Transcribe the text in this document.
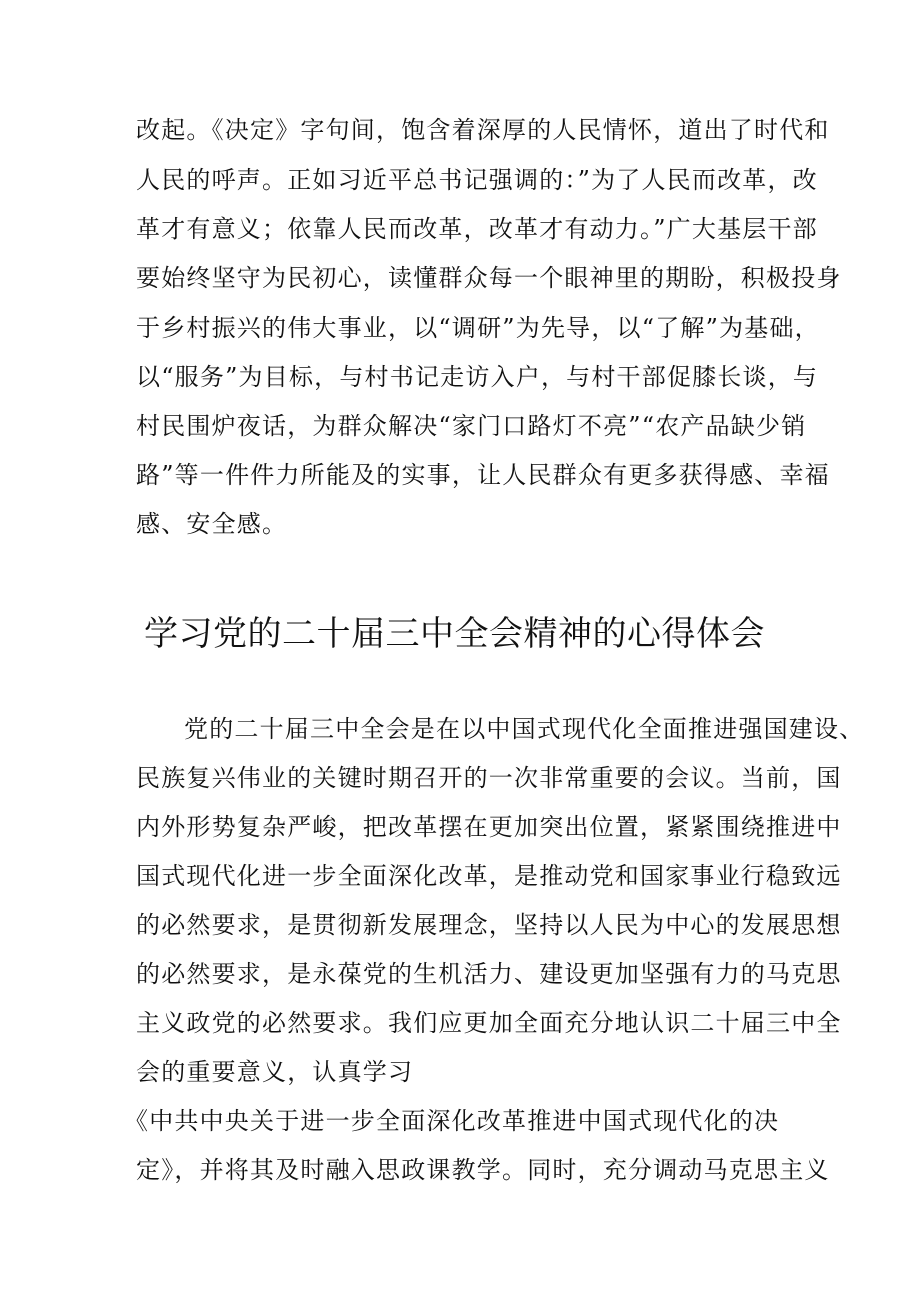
改起。《决定》字句间，饱含着深厚的人民情怀，道出了时代和
人民的呼声。正如习近平总书记强调的：”为了人民而改革，改
革才有意义；依靠人民而改革，改革才有动力。”广大基层干部
要始终坚守为民初心，读懂群众每一个眼神里的期盼，积极投身
于乡村振兴的伟大事业，以“调研”为先导，以“了解”为基础，
以“服务”为目标，与村书记走访入户，与村干部促膝长谈，与
村民围炉夜话，为群众解决“家门口路灯不亮”“农产品缺少销
路”等一件件力所能及的实事，让人民群众有更多获得感、幸福
感、安全感。
学习党的二十届三中全会精神的心得体会
党的二十届三中全会是在以中国式现代化全面推进强国建设、
民族复兴伟业的关键时期召开的一次非常重要的会议。当前，国
内外形势复杂严峻，把改革摆在更加突出位置，紧紧围绕推进中
国式现代化进一步全面深化改革，是推动党和国家事业行稳致远
的必然要求，是贯彻新发展理念，坚持以人民为中心的发展思想
的必然要求，是永葆党的生机活力、建设更加坚强有力的马克思
主义政党的必然要求。我们应更加全面充分地认识二十届三中全
会的重要意义，认真学习
《中共中央关于进一步全面深化改革推进中国式现代化的决
定》，并将其及时融入思政课教学。同时，充分调动马克思主义
